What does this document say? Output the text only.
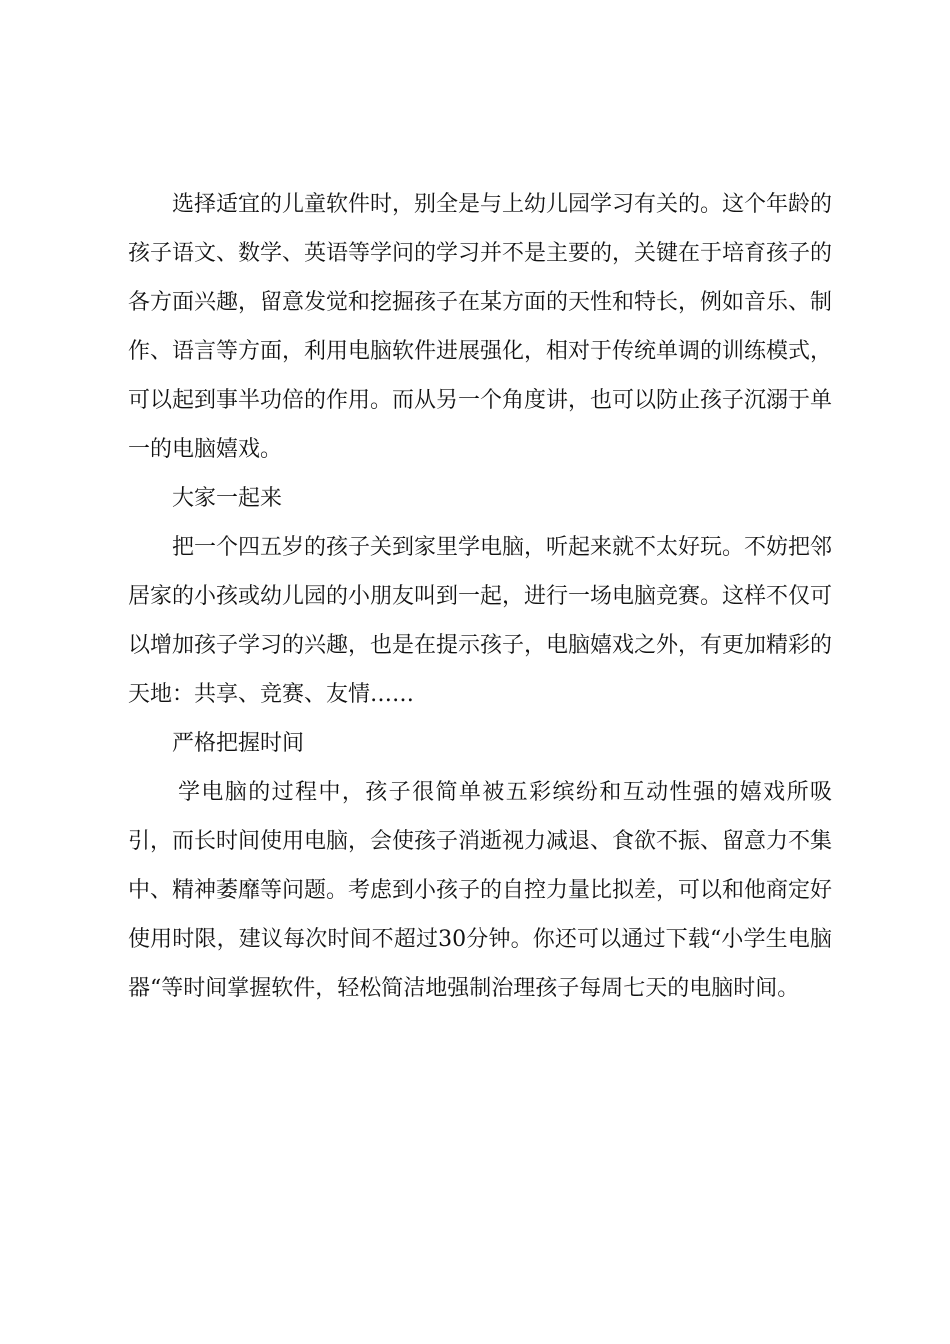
选择适宜的儿童软件时，别全是与上幼儿园学习有关的。这个年龄的孩子语文、数学、英语等学问的学习并不是主要的，关键在于培育孩子的各方面兴趣，留意发觉和挖掘孩子在某方面的天性和特长，例如音乐、制作、语言等方面，利用电脑软件进展强化，相对于传统单调的训练模式，可以起到事半功倍的作用。而从另一个角度讲，也可以防止孩子沉溺于单一的电脑嬉戏。

大家一起来

把一个四五岁的孩子关到家里学电脑，听起来就不太好玩。不妨把邻居家的小孩或幼儿园的小朋友叫到一起，进行一场电脑竞赛。这样不仅可以增加孩子学习的兴趣，也是在提示孩子，电脑嬉戏之外，有更加精彩的天地：共享、竞赛、友情……

严格把握时间

学电脑的过程中，孩子很简单被五彩缤纷和互动性强的嬉戏所吸引，而长时间使用电脑，会使孩子消逝视力减退、食欲不振、留意力不集中、精神萎靡等问题。考虑到小孩子的自控力量比拟差，可以和他商定好使用时限，建议每次时间不超过30分钟。你还可以通过下载“小学生电脑器“等时间掌握软件，轻松简洁地强制治理孩子每周七天的电脑时间。
